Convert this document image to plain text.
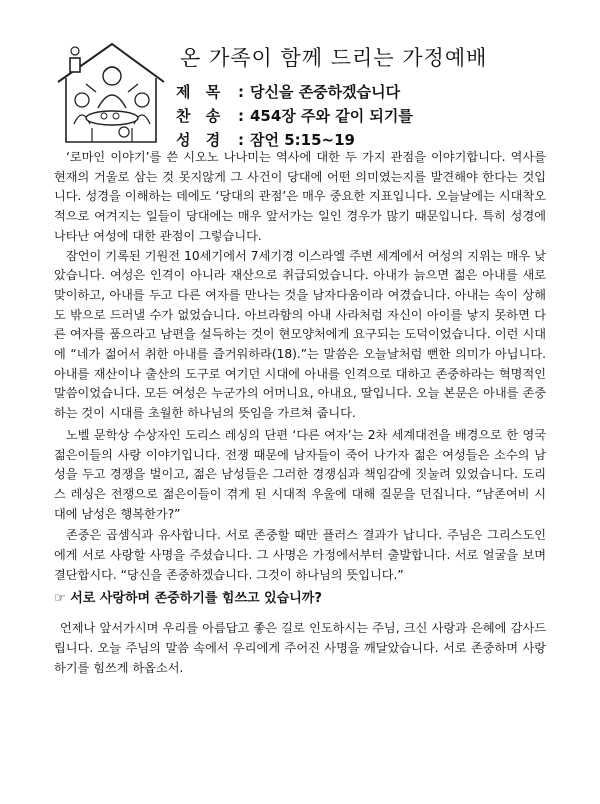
온 가족이 함께 드리는 가정예배
제 목 : 당신을 존중하겠습니다
찬 송 : 454장 주와 같이 되기를
성 경 : 잠언 5:15~19

‘로마인 이야기’를 쓴 시오노 나나미는 역사에 대한 두 가지 관점을 이야기합니다. 역사를 현재의 거울로 삼는 것 못지않게 그 사건이 당대에 어떤 의미였는지를 발견해야 한다는 것입니다. 성경을 이해하는 데에도 ‘당대의 관점’은 매우 중요한 지표입니다. 오늘날에는 시대착오적으로 여겨지는 일들이 당대에는 매우 앞서가는 일인 경우가 많기 때문입니다. 특히 성경에 나타난 여성에 대한 관점이 그렇습니다.

잠언이 기록된 기원전 10세기에서 7세기경 이스라엘 주변 세계에서 여성의 지위는 매우 낮았습니다. 여성은 인격이 아니라 재산으로 취급되었습니다. 아내가 늙으면 젊은 아내를 새로 맞이하고, 아내를 두고 다른 여자를 만나는 것을 남자다움이라 여겼습니다. 아내는 속이 상해도 밖으로 드러낼 수가 없었습니다. 아브라함의 아내 사라처럼 자신이 아이를 낳지 못하면 다른 여자를 품으라고 남편을 설득하는 것이 현모양처에게 요구되는 도덕이었습니다. 이런 시대에 “네가 젊어서 취한 아내를 즐거워하라(18).”는 말씀은 오늘날처럼 뻔한 의미가 아닙니다. 아내를 재산이나 출산의 도구로 여기던 시대에 아내를 인격으로 대하고 존중하라는 혁명적인 말씀이었습니다. 모든 여성은 누군가의 어머니요, 아내요, 딸입니다. 오늘 본문은 아내를 존중하는 것이 시대를 초월한 하나님의 뜻임을 가르쳐 줍니다.

노벨 문학상 수상자인 도리스 레싱의 단편 ‘다른 여자’는 2차 세계대전을 배경으로 한 영국 젊은이들의 사랑 이야기입니다. 전쟁 때문에 남자들이 죽어 나가자 젊은 여성들은 소수의 남성을 두고 경쟁을 벌이고, 젊은 남성들은 그러한 경쟁심과 책임감에 짓눌려 있었습니다. 도리스 레싱은 전쟁으로 젊은이들이 겪게 된 시대적 우울에 대해 질문을 던집니다. “남존여비 시대에 남성은 행복한가?”

존중은 곱셈식과 유사합니다. 서로 존중할 때만 플러스 결과가 납니다. 주님은 그리스도인에게 서로 사랑할 사명을 주셨습니다. 그 사명은 가정에서부터 출발합니다. 서로 얼굴을 보며 결단합시다. “당신을 존중하겠습니다. 그것이 하나님의 뜻입니다.”

☞ 서로 사랑하며 존중하기를 힘쓰고 있습니까?

언제나 앞서가시며 우리를 아름답고 좋은 길로 인도하시는 주님, 크신 사랑과 은혜에 감사드립니다. 오늘 주님의 말씀 속에서 우리에게 주어진 사명을 깨달았습니다. 서로 존중하며 사랑하기를 힘쓰게 하옵소서.
